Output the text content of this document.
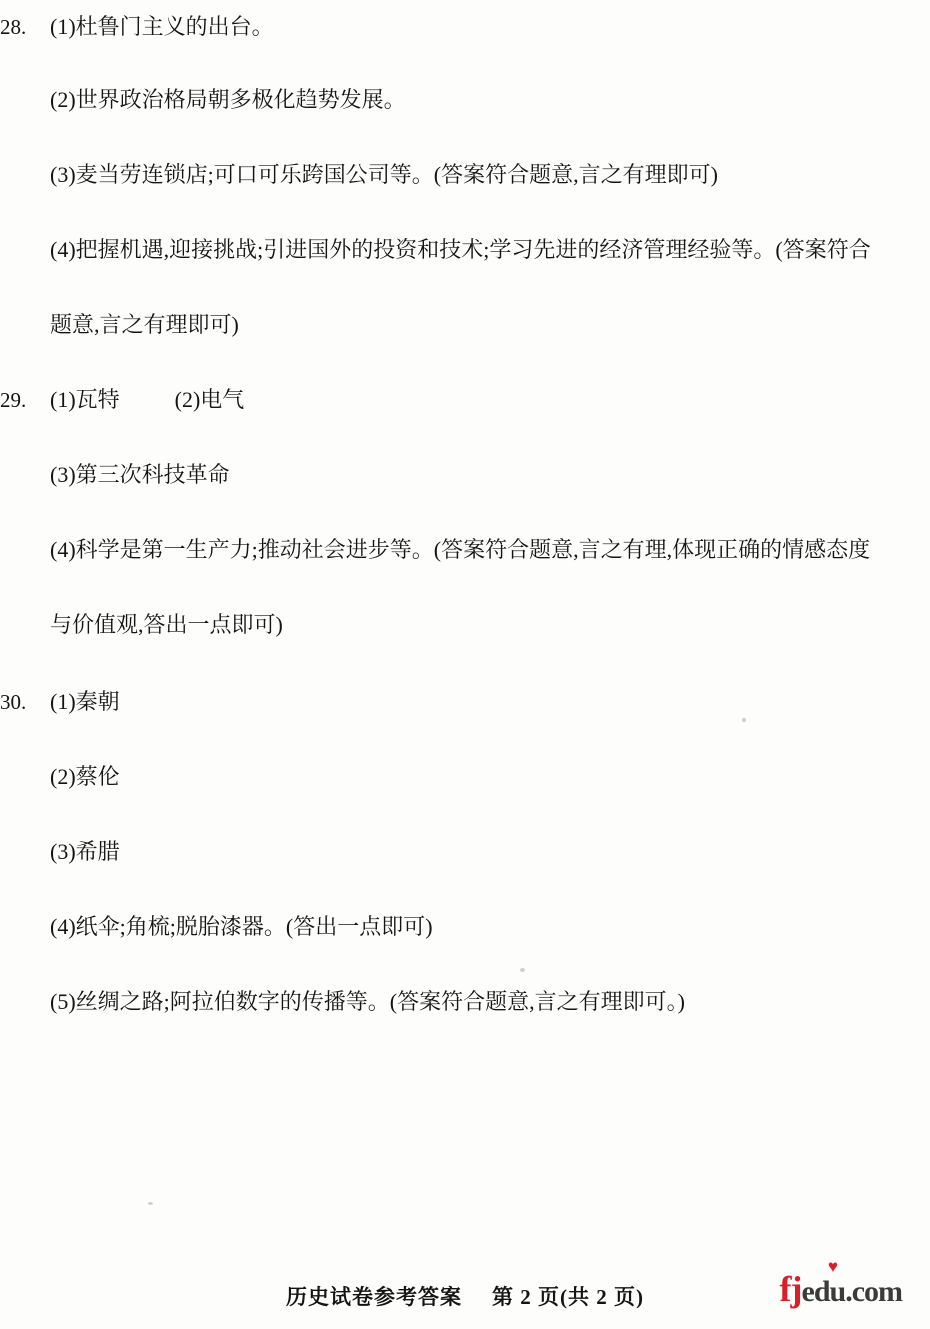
28.	(1)杜鲁门主义的出台。
(2)世界政治格局朝多极化趋势发展。
(3)麦当劳连锁店;可口可乐跨国公司等。(答案符合题意,言之有理即可)
(4)把握机遇,迎接挑战;引进国外的投资和技术;学习先进的经济管理经验等。(答案符合
题意,言之有理即可)
29.	(1)瓦特          (2)电气
(3)第三次科技革命
(4)科学是第一生产力;推动社会进步等。(答案符合题意,言之有理,体现正确的情感态度
与价值观,答出一点即可)
30.	(1)秦朝
(2)蔡伦
(3)希腊
(4)纸伞;角梳;脱胎漆器。(答出一点即可)
(5)丝绸之路;阿拉伯数字的传播等。(答案符合题意,言之有理即可。)
历史试卷参考答案 第 2 页(共 2 页)
♥
fjedu.com
